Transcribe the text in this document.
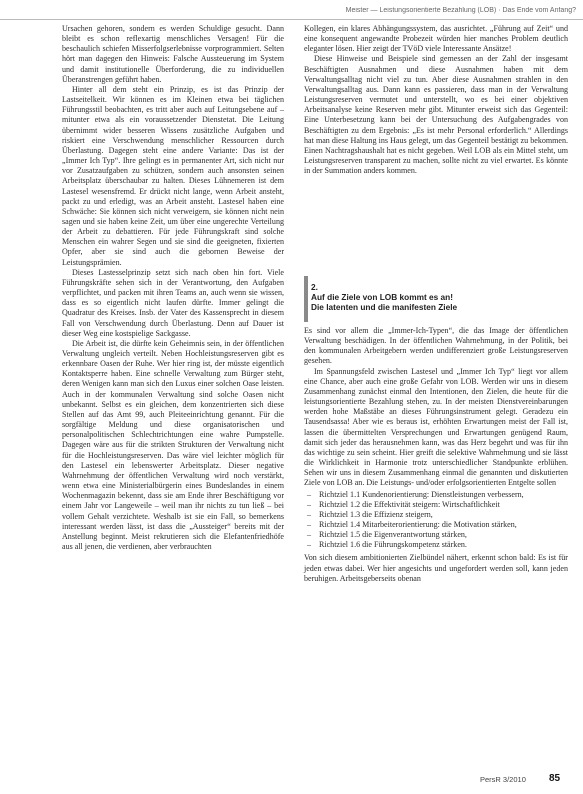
Meister — Leistungsorientierte Bezahlung (LOB) · Das Ende vom Anfang?

Ursachen gehoren, sondern es werden Schuldige gesucht. Dann bleibt es schon reflexartig menschliches Versagen! Für die beschaulich schiefen Misserfolgserlebnisse vorprogrammiert. Selten hört man dagegen den Hinweis: Falsche Aussteuerung im System und damit institutionelle Überforderung, die zu individuellen Überanstrengen geführt haben.

Hinter all dem steht ein Prinzip, es ist das Prinzip der Lastseitelkeit. Wir können es im Kleinen etwa bei täglichen Führungsstil beobachten, es tritt aber auch auf Leitungsebene auf – mitunter etwa als ein voraussetzender Dienstetat. Die Leitung übernimmt wider besseren Wissens zusätzliche Aufgaben und riskiert eine Verschwendung menschlicher Ressourcen durch Überlastung. Dagegen steht eine andere Variante: Das ist der „Immer Ich Typ“. Ihre gelingt es in permanenter Art, sich nicht nur vor Zusatzaufgaben zu schützen, sondern auch ansonsten seinen Arbeitsplatz überschaubar zu halten. Dieses Lühnemeren ist dem Lastesel wesensfremd. Er drückt nicht lange, wenn Arbeit ansteht, packt zu und erledigt, was an Arbeit ansteht. Lastesel haben eine Schwäche: Sie können sich nicht verweigern, sie können nicht nein sagen und sie haben keine Zeit, um über eine ungerechte Verteilung der Arbeit zu debattieren. Für jede Führungskraft sind solche Menschen ein wahrer Segen und sie sind die geeigneten, fixierten Opfer, aber sie sind auch die gebornen Beweise der Leistungsprämien.

Dieses Lastesselprinzip setzt sich nach oben hin fort. Viele Führungskräfte sehen sich in der Verantwortung, den Aufgaben verpflichtet, und packen mit ihren Teams an, auch wenn sie wissen, dass es so eigentlich nicht laufen dürfte. Immer gelingt die Quadratur des Kreises. Insb. der Vater des Kassensprecht in diesem Fall von Verschwendung durch Überlastung. Denn auf Dauer ist dieser Weg eine kostspielige Sackgasse.

Die Arbeit ist, die dürfte kein Geheimnis sein, in der öffentlichen Verwaltung ungleich verteilt. Neben Hochleistungsreserven gibt es erkennbare Oasen der Ruhe. Wer hier ring ist, der müsste eigentlich Kontaktsperre haben. Eine schnelle Verwaltung zum Bürger steht, deren Wenigen kann man sich den Luxus einer solchen Oase leisten. Auch in der kommunalen Verwaltung sind solche Oasen nicht unbekannt. Selbst es ein gleichen, dem konzentrierten sich diese Stellen auf das Amt 99, auch Pleiteeinrichtung genannt. Für die sorgfältige Meldung und diese organisatorischen und personalpolitischen Schlechtrichtungen eine wahre Pumpstelle. Dagegen wäre aus für die strikten Strukturen der Verwaltung nicht für die Hochleistungsreserven. Das wäre viel leichter möglich für den Lastesel ein lebenswerter Arbeitsplatz. Dieser negative Wahrnehmung der öffentlichen Verwaltung wird noch verstärkt, wenn etwa eine Ministerialbürgerin eines Bundeslandes in einem Wochenmagazin bekennt, dass sie am Ende ihrer Beschäftigung vor einem Jahr vor Langeweile – weil man ihr nichts zu tun ließ – bei vollem Gehalt verzichtete. Weshalb ist sie ein Fall, so bemerkens interessant werden lässt, ist dass die „Aussteiger“ bereits mit der Anstellung beginnt. Meist rekrutieren sich die Elefantenfriedhöfe aus all jenen, die verdienen, aber verbrauchten

Kollegen, ein klares Abhängungssystem, das ausrichtet. „Führung auf Zeit“ und eine konsequent angewandte Probezeit würden hier manches Problem deutlich eleganter lösen. Hier zeigt der TVöD viele Interessante Ansätze!

Diese Hinweise und Beispiele sind gemessen an der Zahl der insgesamt Beschäftigten Ausnahmen und diese Ausnahmen haben mit dem Verwaltungsalltag nicht viel zu tun. Aber diese Ausnahmen strahlen in den Verwaltungsalltag aus. Dann kann es passieren, dass man in der Verwaltung Leistungsreserven vermutet und unterstellt, wo es bei einer objektiven Arbeitsanalyse keine Reserven mehr gibt. Mitunter erweist sich das Gegenteil: Eine Unterbesetzung kann bei der Untersuchung des Aufgabengrades von Beschäftigten zu dem Ergebnis: „Es ist mehr Personal erforderlich.“ Allerdings hat man diese Haltung ins Haus gelegt, um das Gegenteil bestätigt zu bekommen. Einen Nachtragshaushalt hat es nicht gegeben. Weil LOB als ein Mittel steht, um Leistungsreserven transparent zu machen, sollte nicht zu viel erwartet. Es könnte in der Summation anders kommen.

2.
Auf die Ziele von LOB kommt es an!
Die latenten und die manifesten Ziele

Es sind vor allem die „Immer-Ich-Typen“, die das Image der öffentlichen Verwaltung beschädigen. In der öffentlichen Wahrnehmung, in der Politik, bei den kommunalen Arbeitgebern werden undifferenziert große Leistungsreserven gesehen.

Im Spannungsfeld zwischen Lastesel und „Immer Ich Typ“ liegt vor allem eine Chance, aber auch eine große Gefahr von LOB. Werden wir uns in diesem Zusammenhang zunächst einmal den Intentionen, den Zielen, die heute für die leistungsorientierte Bezahlung stehen, zu. In der meisten Dienstvereinbarungen werden hohe Maßstäbe an dieses Führungsinstrument gelegt. Geradezu ein Tausendsassa! Aber wie es beraus ist, erhöhten Erwartungen meist der Fall ist, lassen die übermittelten Versprechungen und Erwartungen genügend Raum, damit sich jeder das herausnehmen kann, was das Herz begehrt und was für ihn das wichtige zu sein scheint. Hier greift die selektive Wahrnehmung und sie lässt die Wirklichkeit in Harmonie trotz unterschiedlicher Standpunkte erblühen. Sehen wir uns in diesem Zusammenhang einmal die genannten und diskutierten Ziele von LOB an. Die Leistungs- und/oder erfolgsorientierten Entgelte sollen

– Richtziel 1.1 Kundenorientierung: Dienstleistungen verbessern,
– Richtziel 1.2 die Effektivität steigern: Wirtschaftlichkeit
– Richtziel 1.3 die Effizienz steigern,
– Richtziel 1.4 Mitarbeiterorientierung: die Motivation stärken,
– Richtziel 1.5 die Eigenverantwortung stärken,
– Richtziel 1.6 die Führungskompetenz stärken.

Von sich diesem ambitionierten Zielbündel nähert, erkennt schon bald: Es ist für jeden etwas dabei. Wer hier angesichts und ungefordert werden soll, kann jeden beruhigen. Arbeitsgeberseits obenan

PersR 3/2010 85
